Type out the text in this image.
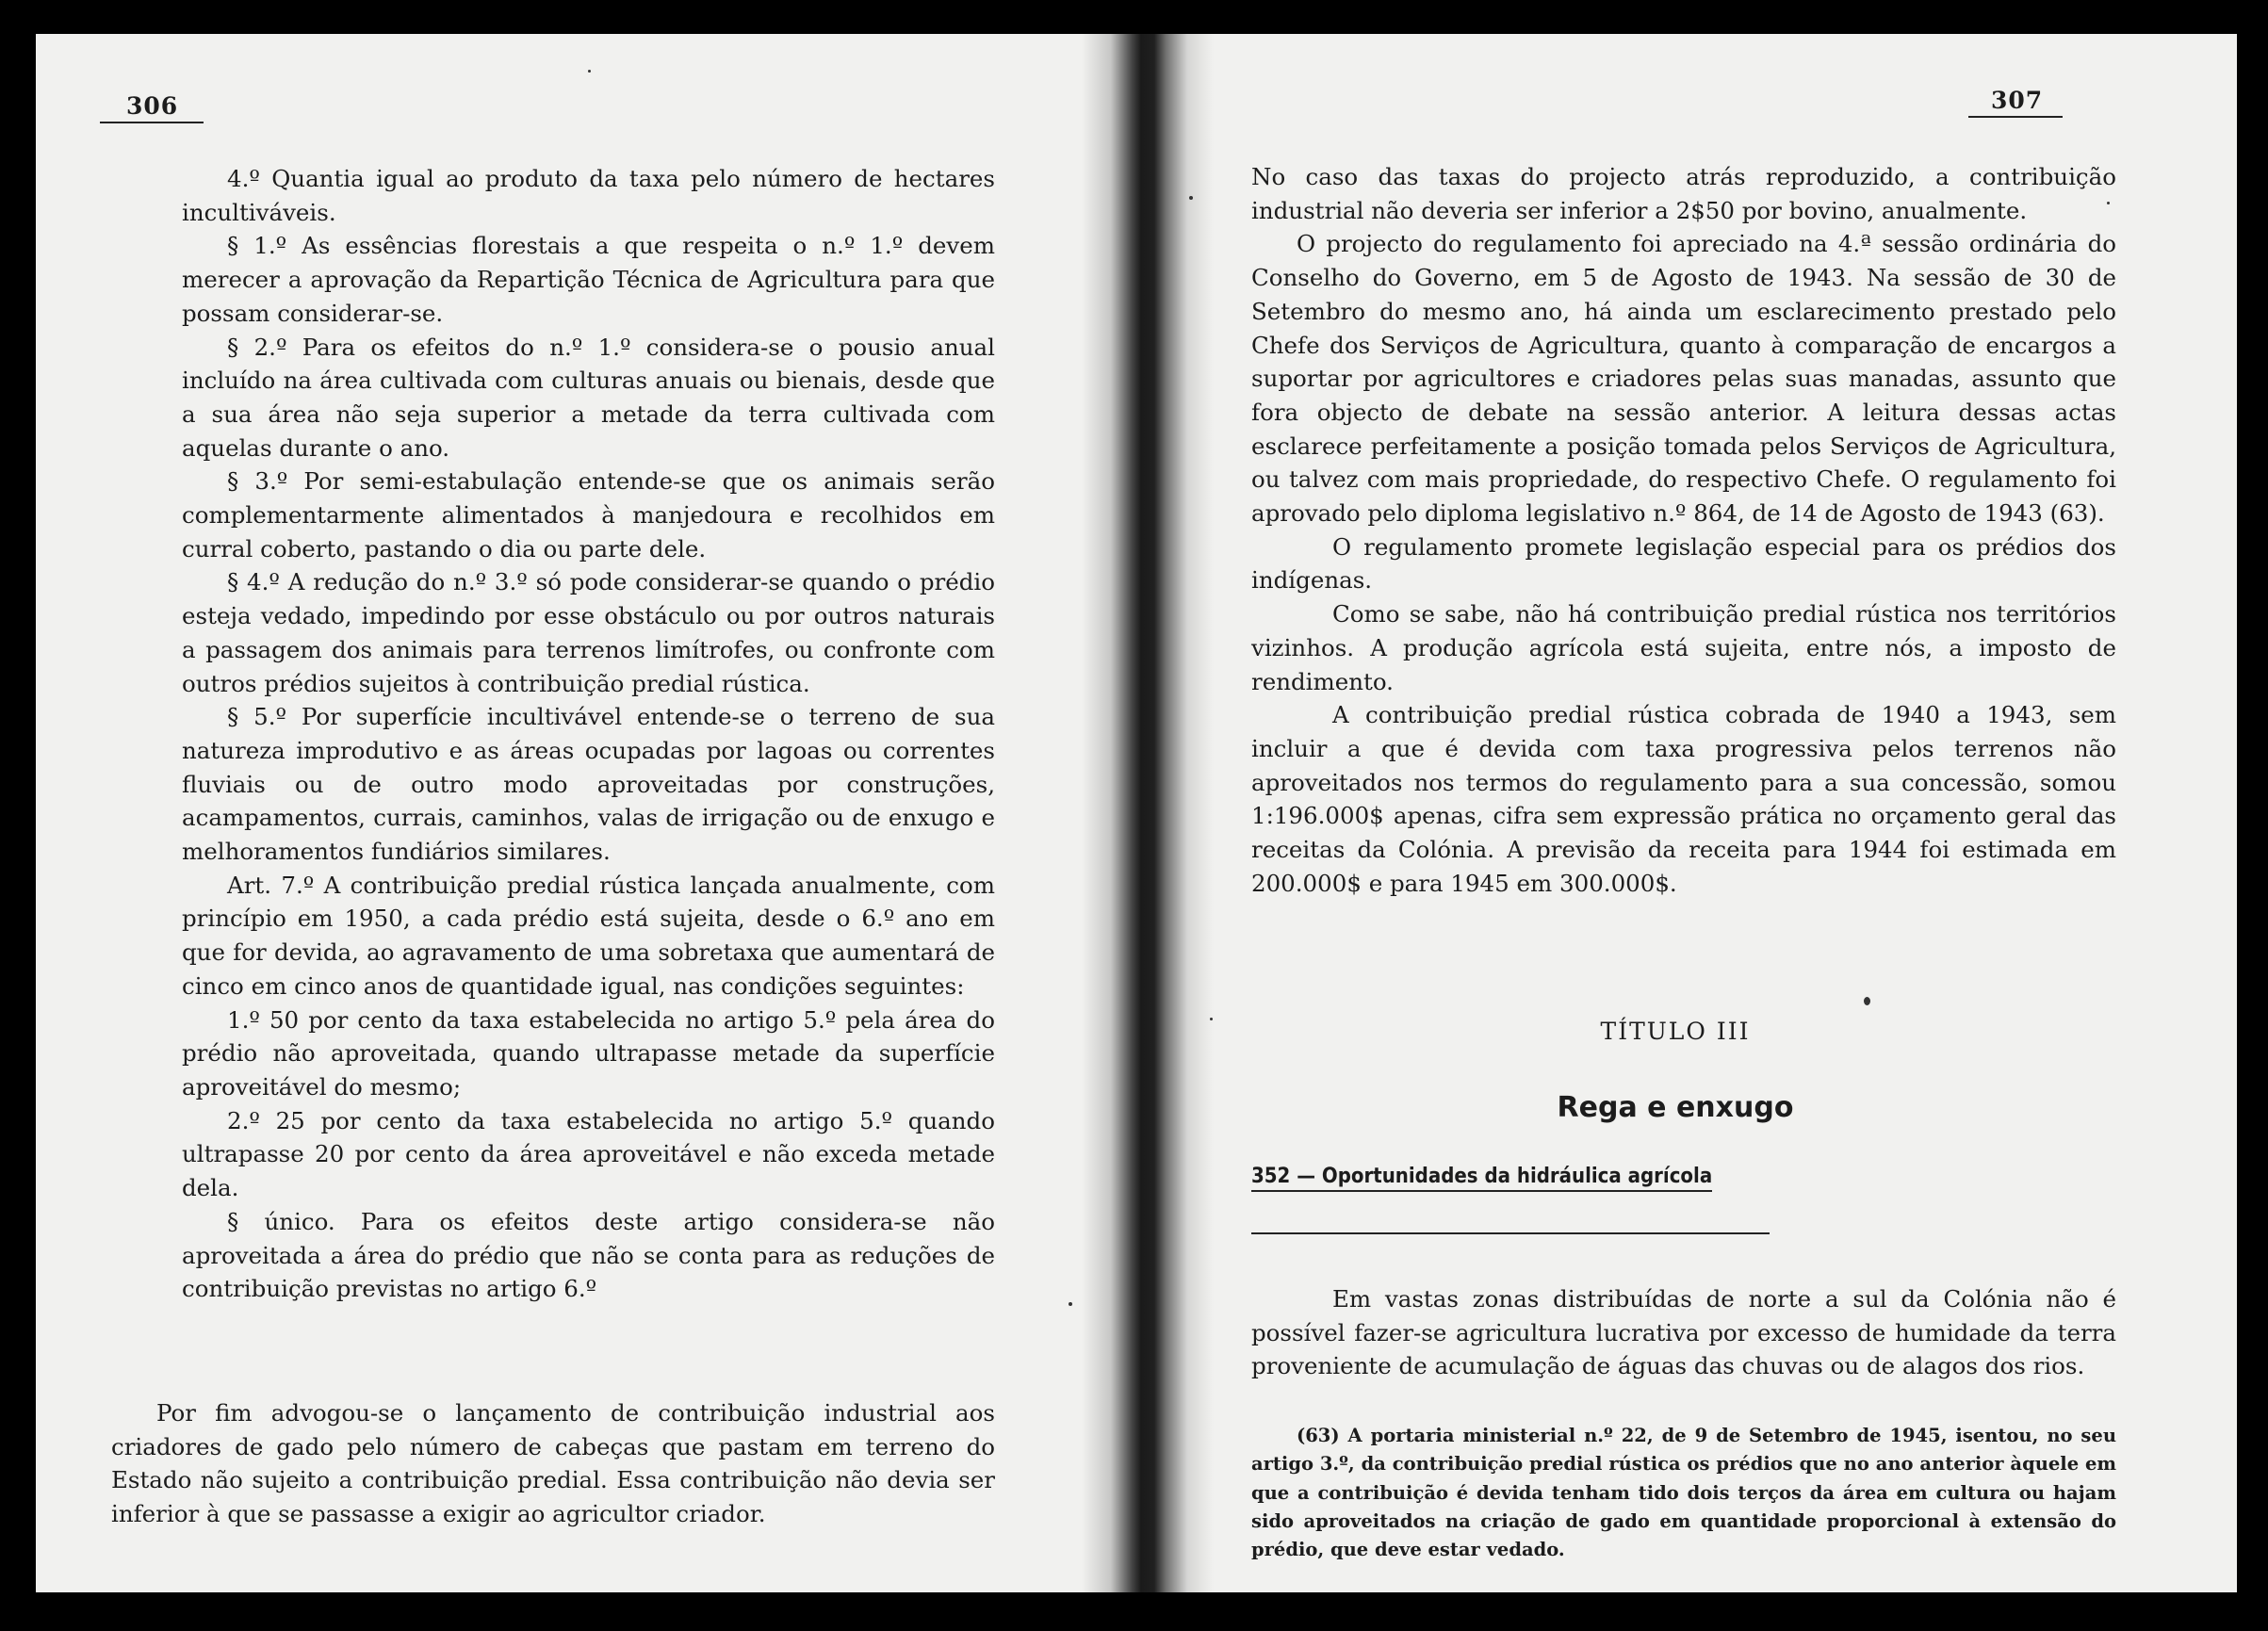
306

4.º Quantia igual ao produto da taxa pelo número de hectares incultiváveis.

§ 1.º As essências florestais a que respeita o n.º 1.º devem merecer a aprovação da Repartição Técnica de Agricultura para que possam considerar-se.

§ 2.º Para os efeitos do n.º 1.º considera-se o pousio anual incluído na área cultivada com culturas anuais ou bienais, desde que a sua área não seja superior a metade da terra cultivada com aquelas durante o ano.

§ 3.º Por semi-estabulação entende-se que os animais serão complementarmente alimentados à manjedoura e recolhidos em curral coberto, pastando o dia ou parte dele.

§ 4.º A redução do n.º 3.º só pode considerar-se quando o prédio esteja vedado, impedindo por esse obstáculo ou por outros naturais a passagem dos animais para terrenos limítrofes, ou confronte com outros prédios sujeitos à contribuição predial rústica.

§ 5.º Por superfície incultivável entende-se o terreno de sua natureza improdutivo e as áreas ocupadas por lagoas ou correntes fluviais ou de outro modo aproveitadas por construções, acampamentos, currais, caminhos, valas de irrigação ou de enxugo e melhoramentos fundiários similares.

Art. 7.º A contribuição predial rústica lançada anualmente, com princípio em 1950, a cada prédio está sujeita, desde o 6.º ano em que for devida, ao agravamento de uma sobretaxa que aumentará de cinco em cinco anos de quantidade igual, nas condições seguintes:

1.º 50 por cento da taxa estabelecida no artigo 5.º pela área do prédio não aproveitada, quando ultrapasse metade da superfície aproveitável do mesmo;

2.º 25 por cento da taxa estabelecida no artigo 5.º quando ultrapasse 20 por cento da área aproveitável e não exceda metade dela.

§ único. Para os efeitos deste artigo considera-se não aproveitada a área do prédio que não se conta para as reduções de contribuição previstas no artigo 6.º

Por fim advogou-se o lançamento de contribuição industrial aos criadores de gado pelo número de cabeças que pastam em terreno do Estado não sujeito a contribuição predial. Essa contribuição não devia ser inferior à que se passasse a exigir ao agricultor criador.

307

No caso das taxas do projecto atrás reproduzido, a contribuição industrial não deveria ser inferior a 2$50 por bovino, anualmente.

O projecto do regulamento foi apreciado na 4.ª sessão ordinária do Conselho do Governo, em 5 de Agosto de 1943. Na sessão de 30 de Setembro do mesmo ano, há ainda um esclarecimento prestado pelo Chefe dos Serviços de Agricultura, quanto à comparação de encargos a suportar por agricultores e criadores pelas suas manadas, assunto que fora objecto de debate na sessão anterior. A leitura dessas actas esclarece perfeitamente a posição tomada pelos Serviços de Agricultura, ou talvez com mais propriedade, do respectivo Chefe. O regulamento foi aprovado pelo diploma legislativo n.º 864, de 14 de Agosto de 1943 (63).

O regulamento promete legislação especial para os prédios dos indígenas.

Como se sabe, não há contribuição predial rústica nos territórios vizinhos. A produção agrícola está sujeita, entre nós, a imposto de rendimento.

A contribuição predial rústica cobrada de 1940 a 1943, sem incluir a que é devida com taxa progressiva pelos terrenos não aproveitados nos termos do regulamento para a sua concessão, somou 1:196.000$ apenas, cifra sem expressão prática no orçamento geral das receitas da Colónia. A previsão da receita para 1944 foi estimada em 200.000$ e para 1945 em 300.000$.

TÍTULO III
Rega e enxugo
352 — Oportunidades da hidráulica agrícola

Em vastas zonas distribuídas de norte a sul da Colónia não é possível fazer-se agricultura lucrativa por excesso de humidade da terra proveniente de acumulação de águas das chuvas ou de alagos dos rios.

(63) A portaria ministerial n.º 22, de 9 de Setembro de 1945, isentou, no seu artigo 3.º, da contribuição predial rústica os prédios que no ano anterior àquele em que a contribuição é devida tenham tido dois terços da área em cultura ou hajam sido aproveitados na criação de gado em quantidade proporcional à extensão do prédio, que deve estar vedado.
